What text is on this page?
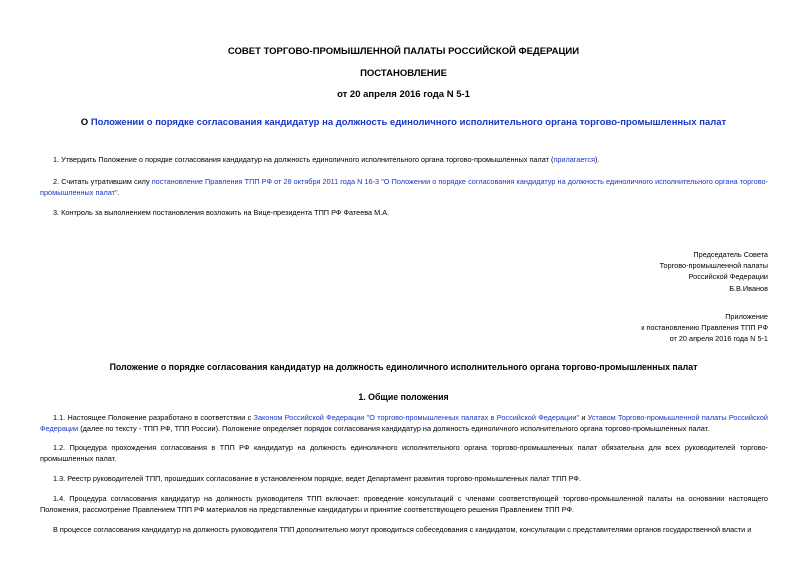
СОВЕТ ТОРГОВО-ПРОМЫШЛЕННОЙ ПАЛАТЫ РОССИЙСКОЙ ФЕДЕРАЦИИ
ПОСТАНОВЛЕНИЕ
от 20 апреля 2016 года N 5-1
О Положении о порядке согласования кандидатур на должность единоличного исполнительного органа торгово-промышленных палат
1. Утвердить Положение о порядке согласования кандидатур на должность единоличного исполнительного органа торгово-промышленных палат (прилагается).
2. Считать утратившим силу постановление Правления ТПП РФ от 28 октября 2011 года N 16-3 "О Положении о порядке согласования кандидатур на должность единоличного исполнительного органа торгово-промышленных палат".
3. Контроль за выполнением постановления возложить на Вице-президента ТПП РФ Фатеева М.А.
Председатель Совета
Торгово-промышленной палаты
Российской Федерации
Б.В.Иванов
Приложение
к постановлению Правления ТПП РФ
от 20 апреля 2016 года N 5-1
Положение о порядке согласования кандидатур на должность единоличного исполнительного органа торгово-промышленных палат
1. Общие положения
1.1. Настоящее Положение разработано в соответствии с Законом Российской Федерации "О торгово-промышленных палатах в Российской Федерации" и Уставом Торгово-промышленной палаты Российской Федерации (далее по тексту - ТПП РФ, ТПП России). Положение определяет порядок согласования кандидатур на должность единоличного исполнительного органа торгово-промышленных палат.
1.2. Процедура прохождения согласования в ТПП РФ кандидатур на должность единоличного исполнительного органа торгово-промышленных палат обязательна для всех руководителей торгово-промышленных палат.
1.3. Реестр руководителей ТПП, прошедших согласование в установленном порядке, ведет Департамент развития торгово-промышленных палат ТПП РФ.
1.4. Процедура согласования кандидатур на должность руководителя ТПП включает: проведение консультаций с членами соответствующей торгово-промышленной палаты на основании настоящего Положения, рассмотрение Правлением ТПП РФ материалов на представленные кандидатуры и принятие соответствующего решения Правлением ТПП РФ.
В процессе согласования кандидатур на должность руководителя ТПП дополнительно могут проводиться собеседования с кандидатом, консультации с представителями органов государственной власти и
